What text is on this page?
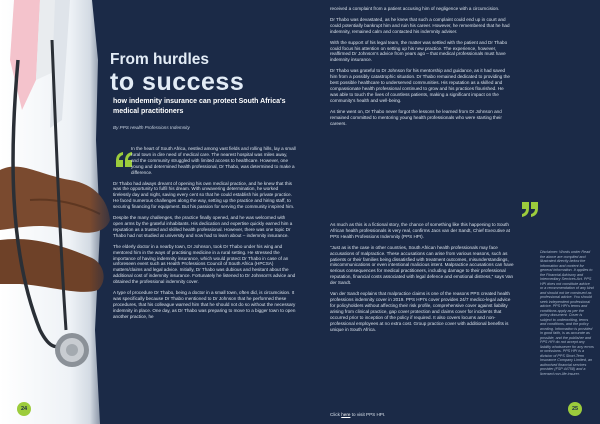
From hurdles
to success
how indemnity insurance can protect South Africa's medical practitioners
By PPS Health Professions Indemnity

In the heart of South Africa, nestled among vast fields and rolling hills, lay a small rural town in dire need of medical care. The nearest hospital was miles away, and the community struggled with limited access to healthcare. However, one young and determined health professional, Dr Thabo, was determined to make a difference.

Dr Thabo had always dreamt of opening his own medical practice, and he knew that this was the opportunity to fulfil his dream. With unwavering determination, he worked tirelessly day and night, saving every cent so that he could establish his private practice. He faced numerous challenges along the way, setting up the practice and hiring staff, to securing financing for equipment. But his passion for serving the community inspired him.

Despite the many challenges, the practice finally opened, and he was welcomed with open arms by the grateful inhabitants. His dedication and expertise quickly earned him a reputation as a trusted and skilled health professional. However, there was one topic Dr Thabo had not studied at university and now had to learn about – indemnity insurance.

The elderly doctor in a nearby town, Dr Johnson, took Dr Thabo under his wing and mentored him in the ways of practising medicine in a rural setting. He stressed the importance of having indemnity insurance, which would protect Dr Thabo in case of an unforeseen event such as Health Professions Council of South Africa (HPCSA) matters/claims and legal advice. Initially, Dr Thabo was dubious and hesitant about the additional cost of indemnity insurance. Fortunately he listened to Dr Johnson's advice and obtained the professional indemnity cover.

A type of procedure Dr Thabo, being a doctor in a small town, often did, is circumcision. It was specifically because Dr Thabo mentioned to Dr Johnson that he performed these procedures, that his colleague warned him that he should not do so without the necessary indemnity in place. One day, as Dr Thabo was preparing to move to a bigger town to open another practice, he

24

received a complaint from a patient accusing him of negligence with a circumcision.

Dr Thabo was devastated, as he knew that such a complaint could end up in court and could potentially bankrupt him and ruin his career. However, he remembered that he had indemnity, remained calm and contacted his indemnity adviser.

With the support of his legal team, the matter was settled with the patient and Dr Thabo could focus his attention on setting up his new practice. The experience, however, reaffirmed Dr Johnson's advice from years ago – that medical professionals must have indemnity insurance.

Dr Thabo was grateful to Dr Johnson for his mentorship and guidance, as it had saved him from a possibly catastrophic situation. Dr Thabo remained dedicated to providing the best possible healthcare to underserved communities. His reputation as a skilled and compassionate health professional continued to grow and his practices flourished. He was able to touch the lives of countless patients, making a significant impact on the community's health and well-being.

As time went on, Dr Thabo never forgot the lessons he learned from Dr Johnson and remained committed to mentoring young health professionals who were starting their careers.

As much as this is a fictional story, the chance of something like this happening to South African health professionals is very real, confirms Jacs van der Sandt, Chief Executive at PPS Health Professions Indemnity (PPS HPI).

"Just as is the case in other countries, South African health professionals may face accusations of malpractice. These accusations can arise from various reasons, such as patients or their families being dissatisfied with treatment outcomes, misunderstandings, miscommunications or even intentional malicious intent. Malpractice accusations can have serious consequences for medical practitioners, including damage to their professional reputation, financial costs associated with legal defence and emotional distress," says Van der Sandt.

Van der Sandt explains that malpractice claims is one of the reasons PPS created health professions indemnity cover in 2019. PPS HPI's cover provides 24/7 medico-legal advice for policyholders without affecting their risk profile, comprehensive cover against liability arising from clinical practice, gap cover protection and claims cover for incidents that occurred prior to inception of the policy if required. It also covers locums and non-professional employees at no extra cost. Group practice cover with additional benefits is unique in South Africa.

Click here to visit PPS HPI.
Disclaimer: Words under Read the above are compiled and illustrated directly below the information and content for general information. It applies to the Financial Advisory and Intermediary Services Act. PPS HPI does not constitute advice or a recommendation of any kind and should not be construed as professional advice. You should seek independent professional advice. PPS HPI's terms and conditions apply as per the policy document. Cover is subject to underwriting, terms and conditions, and the policy wording. Information is provided in good faith, is as accurate as possible, and the publisher and PPS HPI do not accept any liability whatsoever for any errors or omissions. PPS HPI is a division of PPS Short-Term Insurance Company Limited, an authorised financial services provider (FSP 44758) and a licensed non-life insurer.
25
